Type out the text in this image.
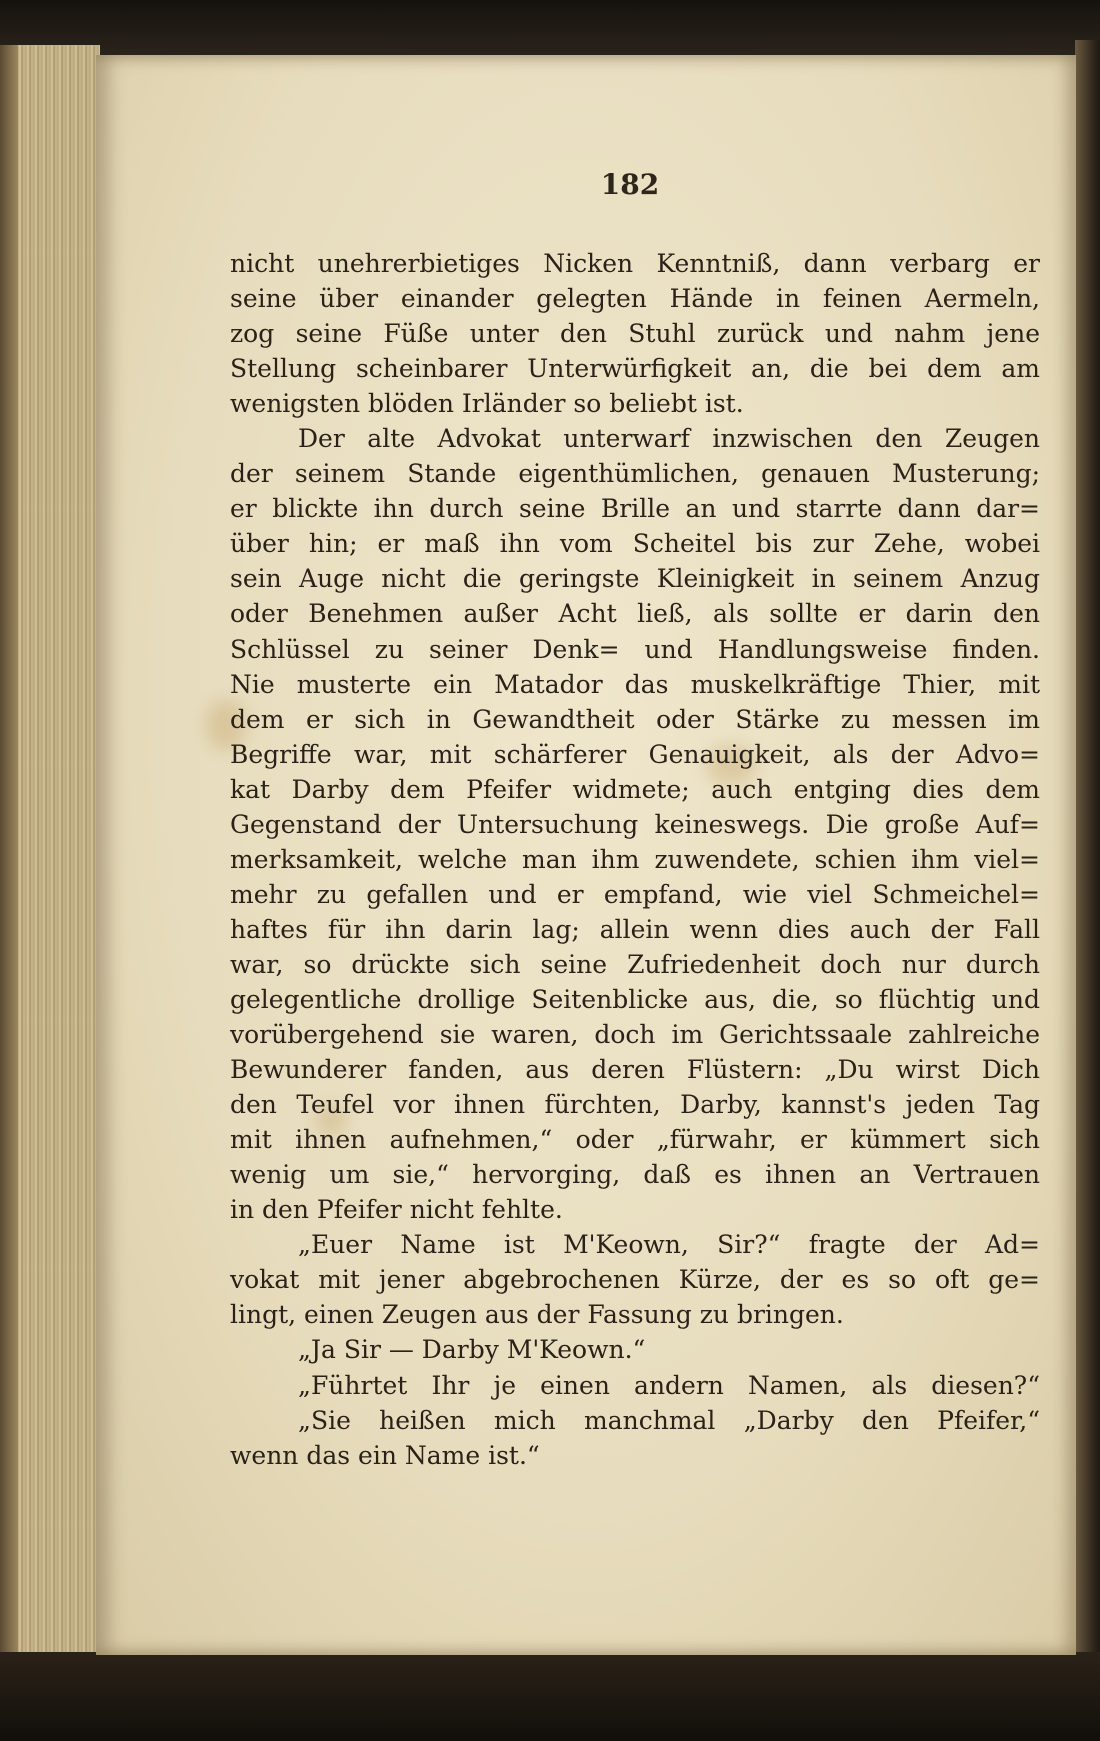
182
nicht unehrerbietiges Nicken Kenntniß, dann verbarg er
seine über einander gelegten Hände in feinen Aermeln,
zog seine Füße unter den Stuhl zurück und nahm jene
Stellung scheinbarer Unterwürfigkeit an, die bei dem am
wenigsten blöden Irländer so beliebt ist.
Der alte Advokat unterwarf inzwischen den Zeugen
der seinem Stande eigenthümlichen, genauen Musterung;
er blickte ihn durch seine Brille an und starrte dann dar=
über hin; er maß ihn vom Scheitel bis zur Zehe, wobei
sein Auge nicht die geringste Kleinigkeit in seinem Anzug
oder Benehmen außer Acht ließ, als sollte er darin den
Schlüssel zu seiner Denk= und Handlungsweise finden.
Nie musterte ein Matador das muskelkräftige Thier, mit
dem er sich in Gewandtheit oder Stärke zu messen im
Begriffe war, mit schärferer Genauigkeit, als der Advo=
kat Darby dem Pfeifer widmete; auch entging dies dem
Gegenstand der Untersuchung keineswegs. Die große Auf=
merksamkeit, welche man ihm zuwendete, schien ihm viel=
mehr zu gefallen und er empfand, wie viel Schmeichel=
haftes für ihn darin lag; allein wenn dies auch der Fall
war, so drückte sich seine Zufriedenheit doch nur durch
gelegentliche drollige Seitenblicke aus, die, so flüchtig und
vorübergehend sie waren, doch im Gerichtssaale zahlreiche
Bewunderer fanden, aus deren Flüstern: „Du wirst Dich
den Teufel vor ihnen fürchten, Darby, kannst's jeden Tag
mit ihnen aufnehmen,“ oder „fürwahr, er kümmert sich
wenig um sie,“ hervorging, daß es ihnen an Vertrauen
in den Pfeifer nicht fehlte.
„Euer Name ist M'Keown, Sir?“ fragte der Ad=
vokat mit jener abgebrochenen Kürze, der es so oft ge=
lingt, einen Zeugen aus der Fassung zu bringen.
„Ja Sir — Darby M'Keown.“
„Führtet Ihr je einen andern Namen, als diesen?“
„Sie heißen mich manchmal „Darby den Pfeifer,“
wenn das ein Name ist.“
